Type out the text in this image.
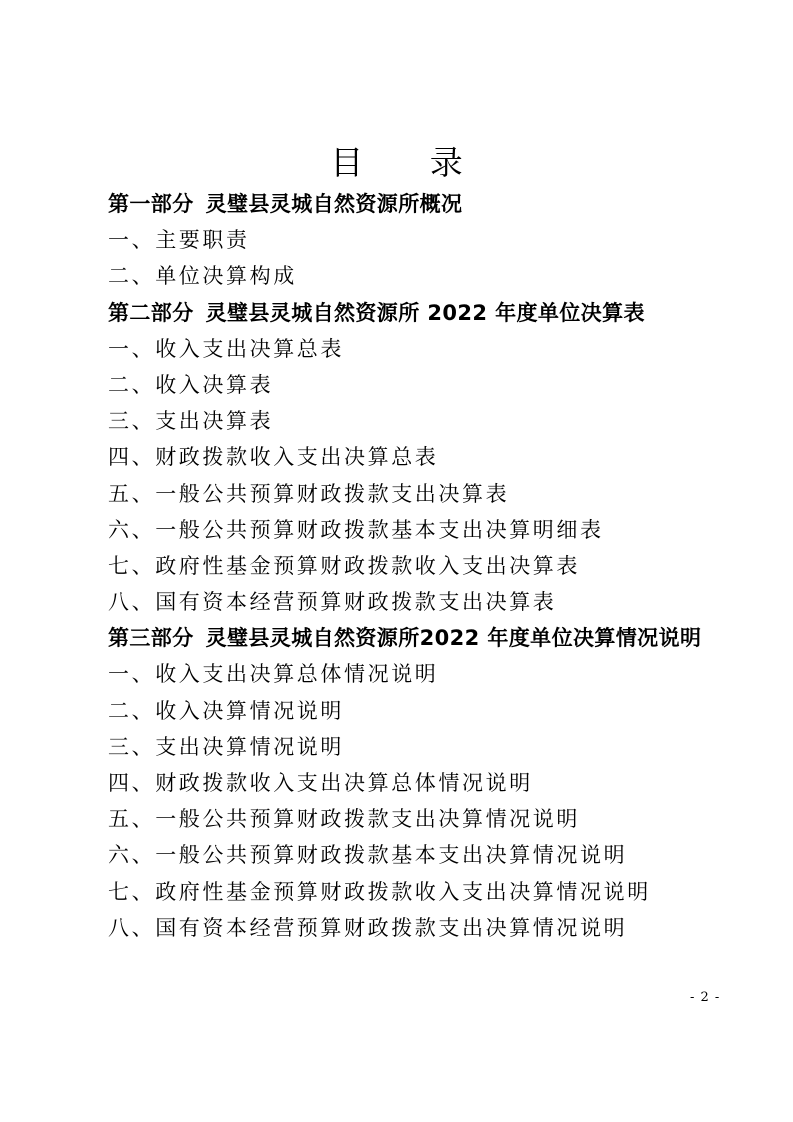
目 录
第一部分 灵璧县灵城自然资源所概况
一、主要职责
二、单位决算构成
第二部分 灵璧县灵城自然资源所 2022 年度单位决算表
一、收入支出决算总表
二、收入决算表
三、支出决算表
四、财政拨款收入支出决算总表
五、一般公共预算财政拨款支出决算表
六、一般公共预算财政拨款基本支出决算明细表
七、政府性基金预算财政拨款收入支出决算表
八、国有资本经营预算财政拨款支出决算表
第三部分 灵璧县灵城自然资源所2022 年度单位决算情况说明
一、收入支出决算总体情况说明
二、收入决算情况说明
三、支出决算情况说明
四、财政拨款收入支出决算总体情况说明
五、一般公共预算财政拨款支出决算情况说明
六、一般公共预算财政拨款基本支出决算情况说明
七、政府性基金预算财政拨款收入支出决算情况说明
八、国有资本经营预算财政拨款支出决算情况说明
- 2 -
